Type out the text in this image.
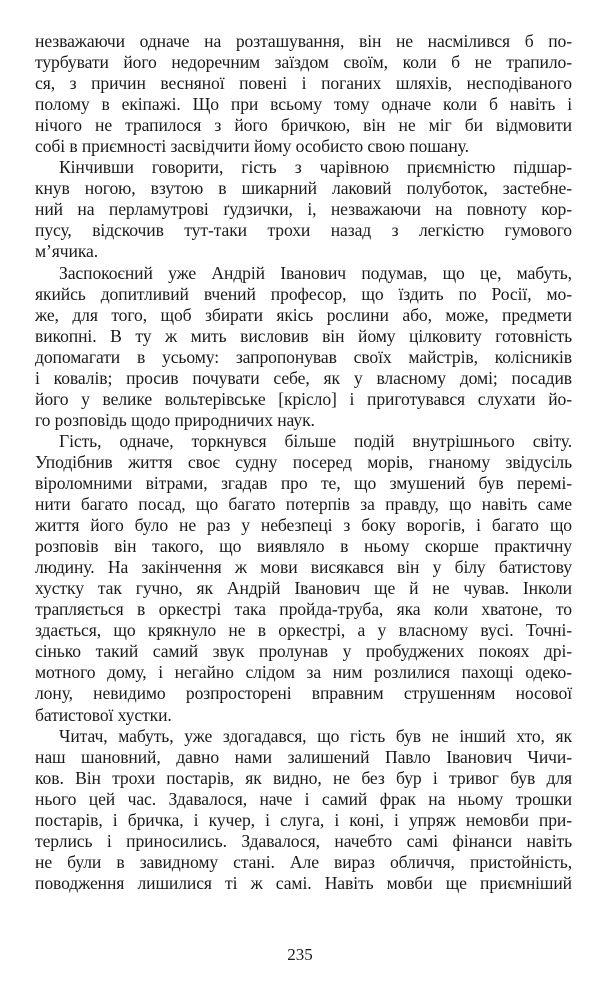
незважаючи одначе на розташування, він не насмілився б по-
турбувати його недоречним заїздом своїм, коли б не трапило-
ся, з причин весняної повені і поганих шляхів, несподіваного
полому в екіпажі. Що при всьому тому одначе коли б навіть і
нічого не трапилося з його бричкою, він не міг би відмовити
собі в приємності засвідчити йому особисто свою пошану.
Кінчивши говорити, гість з чарівною приємністю підшар-
кнув ногою, взутою в шикарний лаковий полуботок, застебне-
ний на перламутрові ґудзички, і, незважаючи на повноту кор-
пусу, відскочив тут-таки трохи назад з легкістю гумового
м’ячика.
Заспокоєний уже Андрій Іванович подумав, що це, мабуть,
якийсь допитливий вчений професор, що їздить по Росії, мо-
же, для того, щоб збирати якісь рослини або, може, предмети
викопні. В ту ж мить висловив він йому цілковиту готовність
допомагати в усьому: запропонував своїх майстрів, колісників
і ковалів; просив почувати себе, як у власному домі; посадив
його у велике вольтерівське [крісло] і приготувався слухати йо-
го розповідь щодо природничих наук.
Гість, одначе, торкнувся більше подій внутрішнього світу.
Уподібнив життя своє судну посеред морів, гнаному звідусіль
віроломними вітрами, згадав про те, що змушений був перемі-
нити багато посад, що багато потерпів за правду, що навіть саме
життя його було не раз у небезпеці з боку ворогів, і багато що
розповів він такого, що виявляло в ньому скорше практичну
людину. На закінчення ж мови висякався він у білу батистову
хустку так гучно, як Андрій Іванович ще й не чував. Інколи
трапляється в оркестрі така пройда-труба, яка коли хватоне, то
здається, що крякнуло не в оркестрі, а у власному вусі. Точні-
сінько такий самий звук пролунав у пробуджених покоях дрі-
мотного дому, і негайно слідом за ним розлилися пахощі одеко-
лону, невидимо розпросторені вправним струшенням носової
батистової хустки.
Читач, мабуть, уже здогадався, що гість був не інший хто, як
наш шановний, давно нами залишений Павло Іванович Чичи-
ков. Він трохи постарів, як видно, не без бур і тривог був для
нього цей час. Здавалося, наче і самий фрак на ньому трошки
постарів, і бричка, і кучер, і слуга, і коні, і упряж немовби при-
терлись і приносились. Здавалося, начебто самі фінанси навіть
не були в завидному стані. Але вираз обличчя, пристойність,
поводження лишилися ті ж самі. Навіть мовби ще приємніший
235
